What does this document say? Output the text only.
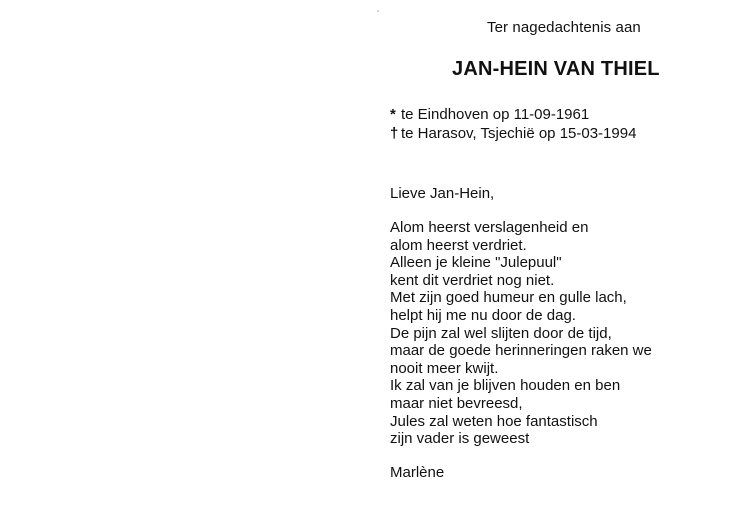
Ter nagedachtenis aan
JAN-HEIN VAN THIEL
* te Eindhoven op 11-09-1961
† te Harasov, Tsjechië op 15-03-1994
Lieve Jan-Hein,
Alom heerst verslagenheid en
alom heerst verdriet.
Alleen je kleine "Julepuul"
kent dit verdriet nog niet.
Met zijn goed humeur en gulle lach,
helpt hij me nu door de dag.
De pijn zal wel slijten door de tijd,
maar de goede herinneringen raken we
nooit meer kwijt.
Ik zal van je blijven houden en ben
maar niet bevreesd,
Jules zal weten hoe fantastisch
zijn vader is geweest
Marlène
